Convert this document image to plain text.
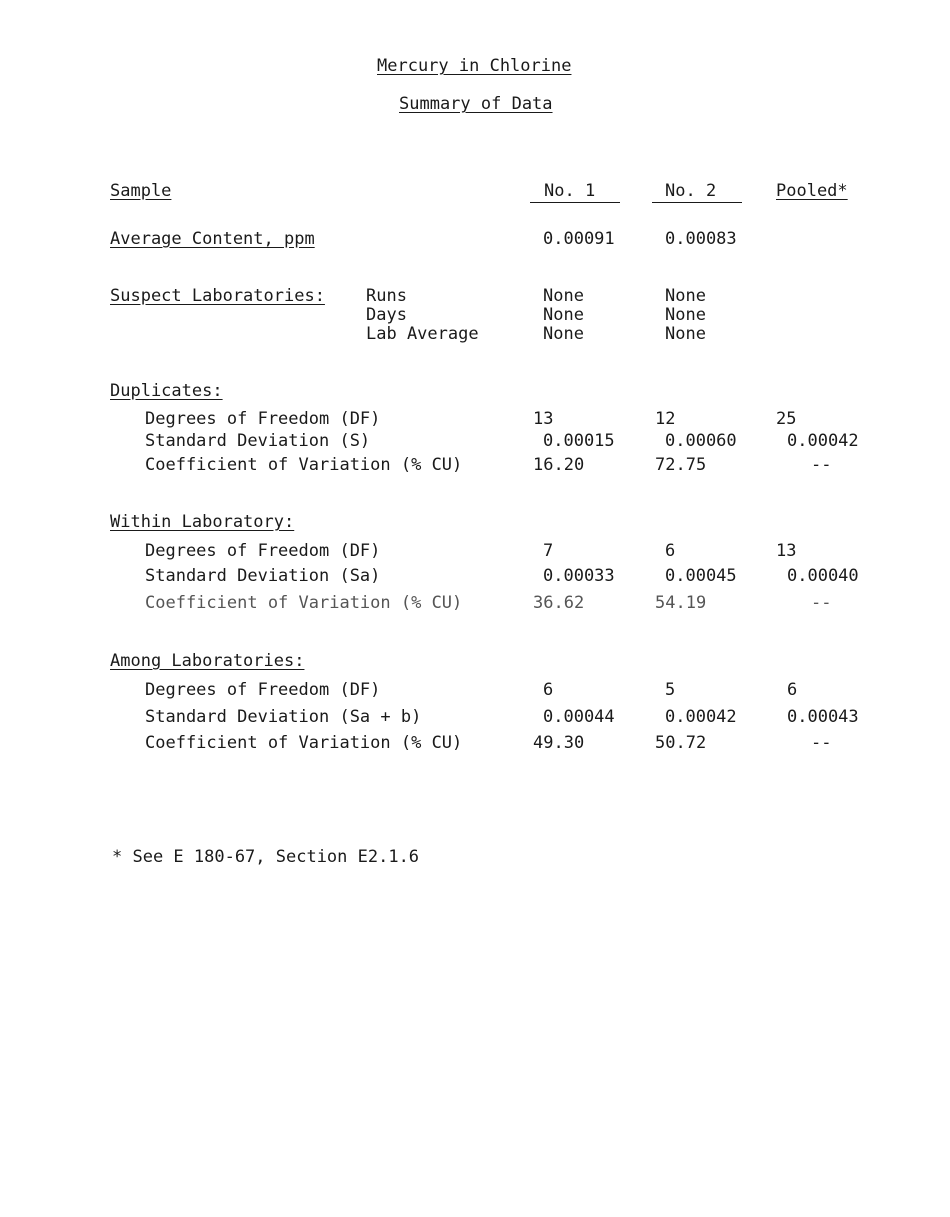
Mercury in Chlorine
Summary of Data
Sample	No. 1	No. 2	Pooled*
Average Content, ppm	0.00091	0.00083
Suspect Laboratories: Runs	None	None
Days	None	None
Lab Average	None	None
Duplicates:
Degrees of Freedom (DF)	13	12	25
Standard Deviation (S)	0.00015	0.00060	0.00042
Coefficient of Variation (% CU)	16.20	72.75	--
Within Laboratory:
Degrees of Freedom (DF)	7	6	13
Standard Deviation (Sa)	0.00033	0.00045	0.00040
Coefficient of Variation (% CU)	36.62	54.19	--
Among Laboratories:
Degrees of Freedom (DF)	6	5	6
Standard Deviation (Sa + b)	0.00044	0.00042	0.00043
Coefficient of Variation (% CU)	49.30	50.72	--
* See E 180-67, Section E2.1.6
